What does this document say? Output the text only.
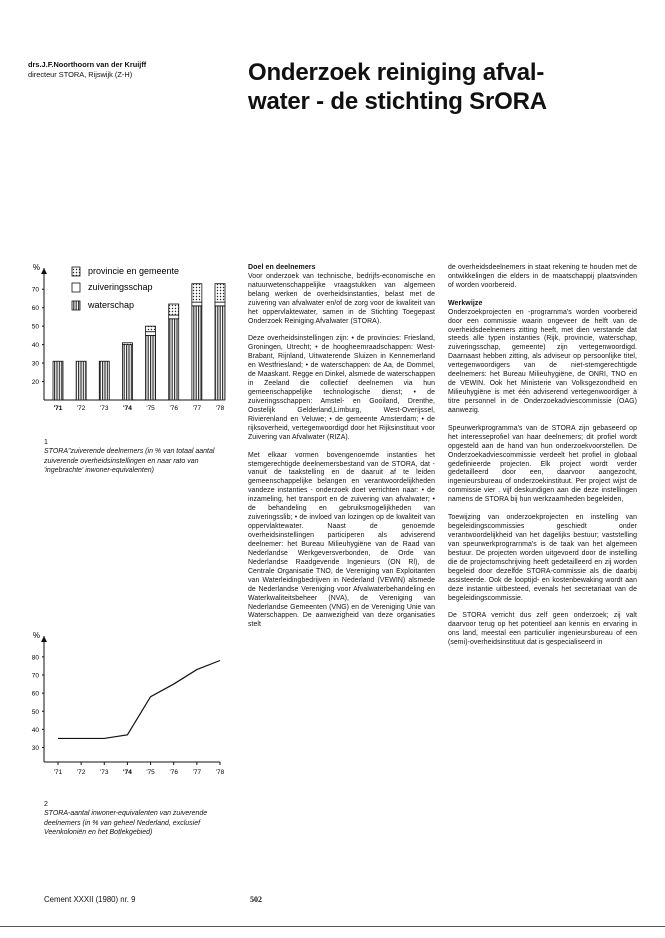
drs.J.F.Noorthoorn van der Kruijff
directeur STORA, Rijswijk (Z-H)	Onderzoek reiniging afval-
water - de stichting SrORA
%
20
30
40
50
60
70
'71 '72 '73 '74 '75 '76 '77 '78
provincie en gemeente
zuiveringsschap
waterschap
1
STORA"zuiverende deelnemers (in % van totaal aantal zuiverende overheidsinstellingen en naar rato van 'ingebrachte' inwoner-equivalenten)
%
30
40
50
60
70
80
'71 '72 '73 '74 '75 '76 '77 '78
2
STORA-aantal inwoner-equivalenten van zuiverende deelnemers (in % van geheel Nederland, exclusief Veenkoloniën en het Botlekgebied)
Doel en deelnemers

Voor onderzoek van technische, bedrijfs-economische en natuurwetenschappelijke vraagstukken van algemeen belang werken de overheidsinstanties, belast met de zuivering van afvalwater en/of de zorg voor de kwaliteit van het oppervlaktewater, samen in de Stichting Toegepast Onderzoek Reiniging Afvalwater (STORA).

Deze overheidsinstellingen zijn: • de provincies: Friesland, Groningen, Utrecht; • de hoogheemraadschappen: West-Brabant, Rijnland, Uitwaterende Sluizen in Kennemerland en Westfriesland; • de waterschappen: de Aa, de Dommel, de Maaskant. Regge en Dinkel, alsmede de waterschappen in Zeeland die collectief deelnemen via hun gemeenschappelijke technologische dienst; • de zuiveringsschappen: Amstel- en Gooiland, Drenthe, Oostelijk Gelderland,Limburg, West-Overijssel, Rivierenland en Veluwe; • de gemeente Amsterdam; • de rijksoverheid, vertegenwoordigd door het Rijksinstituut voor Zuivering van Afvalwater (RIZA).

Met elkaar vormen bovengenoemde instanties het stemgerechtigde deelnemersbestand van de STORA, dat - vanuit de taakstelling en de daaruit af te leiden gemeenschappelijke belangen en verantwoordelijkheden vandeze instanties - onderzoek doet verrichten naar: • de inzameling, het transport en de zuivering van afvalwater; • de behandeling en gebruiksmogelijkheden van zuiveringsslib; • de invloed van lozingen op de kwaliteit van oppervlaktewater. Naast de genoemde overheidsinstellingen participeren als adviserend deelnemer: het Bureau Milieuhygiëne van de Raad van Nederlandse Werkgeversverbonden, de Orde van Nederlandse Raadgevende Ingenieurs (ON Rl), de Centrale Organisatie TNO, de Vereniging van Exploitanten van Waterleidingbedrijven in Nederland (VEWIN) alsmede de Nederlandse Vereniging voor Afvalwaterbehandeling en Waterkwaliteitsbeheer (NVA), de Vereniging van Nederlandse Gemeenten (VNG) en de Vereniging Unie van Waterschappen. De aanwezigheid van deze organisaties stelt

de overheidsdeelnemers in staat rekening te houden met de ontwikkelingen die elders in de maatschappij plaatsvinden of worden voorbereid.

Werkwijze

Onderzoekprojecten en -prograrnma's worden voorbereid door een commissie waarin ongeveer de helft van de overheidsdeelnemers zitting heeft, met dien verstande dat steeds alle typen instanties (Rijk, provincie, waterschap, zuiveringsschap, gemeente) zijn vertegenwoordigd. Daarnaast hebben zitting, als adviseur op persoonlijke titel, vertegenwoordigers van de niet-stemgerechtigde deelnemers: het Bureau Milieuhygiëne, de ONRI, TNO en de VEWIN. Ook het Ministerie van Volksgezondheid en Milieuhygiëne is met één adviserend vertegenwoordiger à titre personnel in de Onderzoekadviescommissie (OAG) aanwezig.

Speurwerkprogramma's van de STORA zijn gebaseerd op het interesseprofiel van haar deelnemers; dit profiel wordt opgesteld aan de hand van hun onderzoekvoorstellen. De Onderzoekadviescommissie verdeelt het profiel in globaal gedefinieerde projecten. Elk project wordt verder gedetailleerd door een, daarvoor aangezocht, ingenieursbureau of onderzoekinstituut. Per project wijst de commissie vier . vijf deskundigen aan die deze instellingen namens de STORA bij hun werkzaamheden begeleiden,

Toewijzing van onderzoekprojecten en instelling van begeleidingscommissies geschiedt onder verantwoordelijkheid van het dagelijks bestuur; vaststelling van speurwerkprograrnma's is de taak van het algemeen bestuur. De projecten worden uitgevoerd door de instelling die de projectomschrijving heeft gedetailleerd en zij worden begeleid door dezelfde STORA-commissie als die daarbij assisteerde. Ook de looptijd- en kostenbewaking wordt aan deze instantie uitbesteed, evenals het secretariaat van de begeleidingscommissie.

De STORA verricht dus zelf geen onderzoek; zij valt daarvoor terug op het potentieel aan kennis en ervaring in ons land, meestal een particulier ingenieursbureau of een (semi)-overheidsinstituut dat is gespecialiseerd in

Cement XXXII (1980) nr. 9	502
